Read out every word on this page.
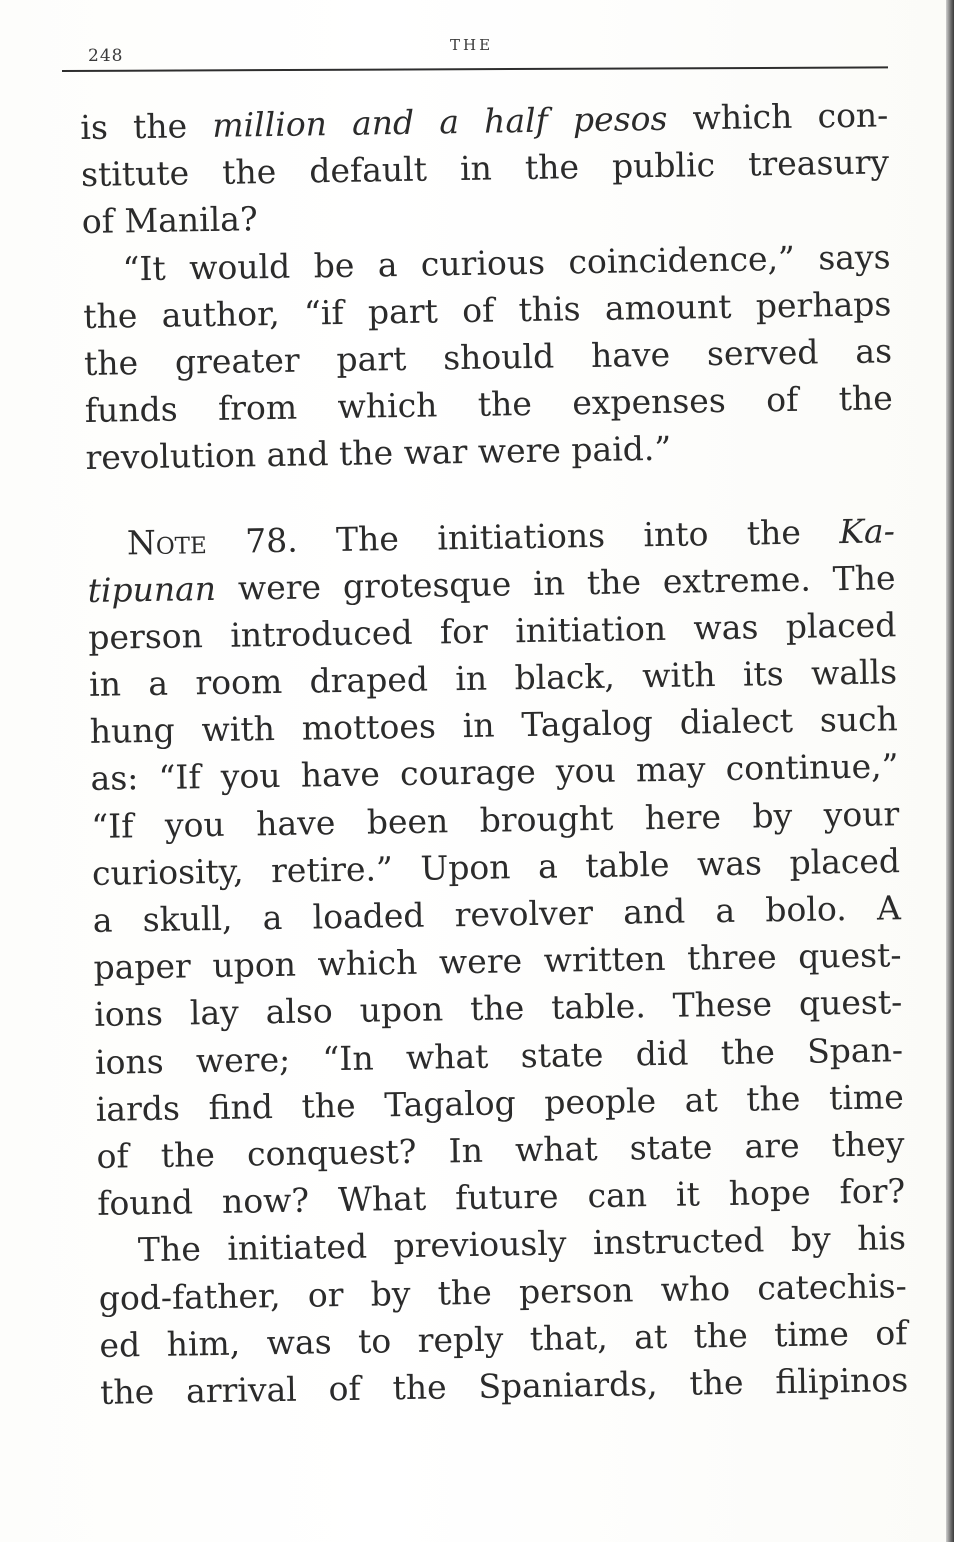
248
THE
is the million and a half pesos which con-
stitute the default in the public treasury
of Manila?
“It would be a curious coincidence,” says
the author, “if part of this amount perhaps
the greater part should have served as
funds from which the expenses of the
revolution and the war were paid.”
Note 78. The initiations into the Ka-
tipunan were grotesque in the extreme. The
person introduced for initiation was placed
in a room draped in black, with its walls
hung with mottoes in Tagalog dialect such
as: “If you have courage you may continue,”
“If you have been brought here by your
curiosity, retire.” Upon a table was placed
a skull, a loaded revolver and a bolo. A
paper upon which were written three quest-
ions lay also upon the table. These quest-
ions were; “In what state did the Span-
iards find the Tagalog people at the time
of the conquest? In what state are they
found now? What future can it hope for?
The initiated previously instructed by his
god-father, or by the person who catechis-
ed him, was to reply that, at the time of
the arrival of the Spaniards, the filipinos
